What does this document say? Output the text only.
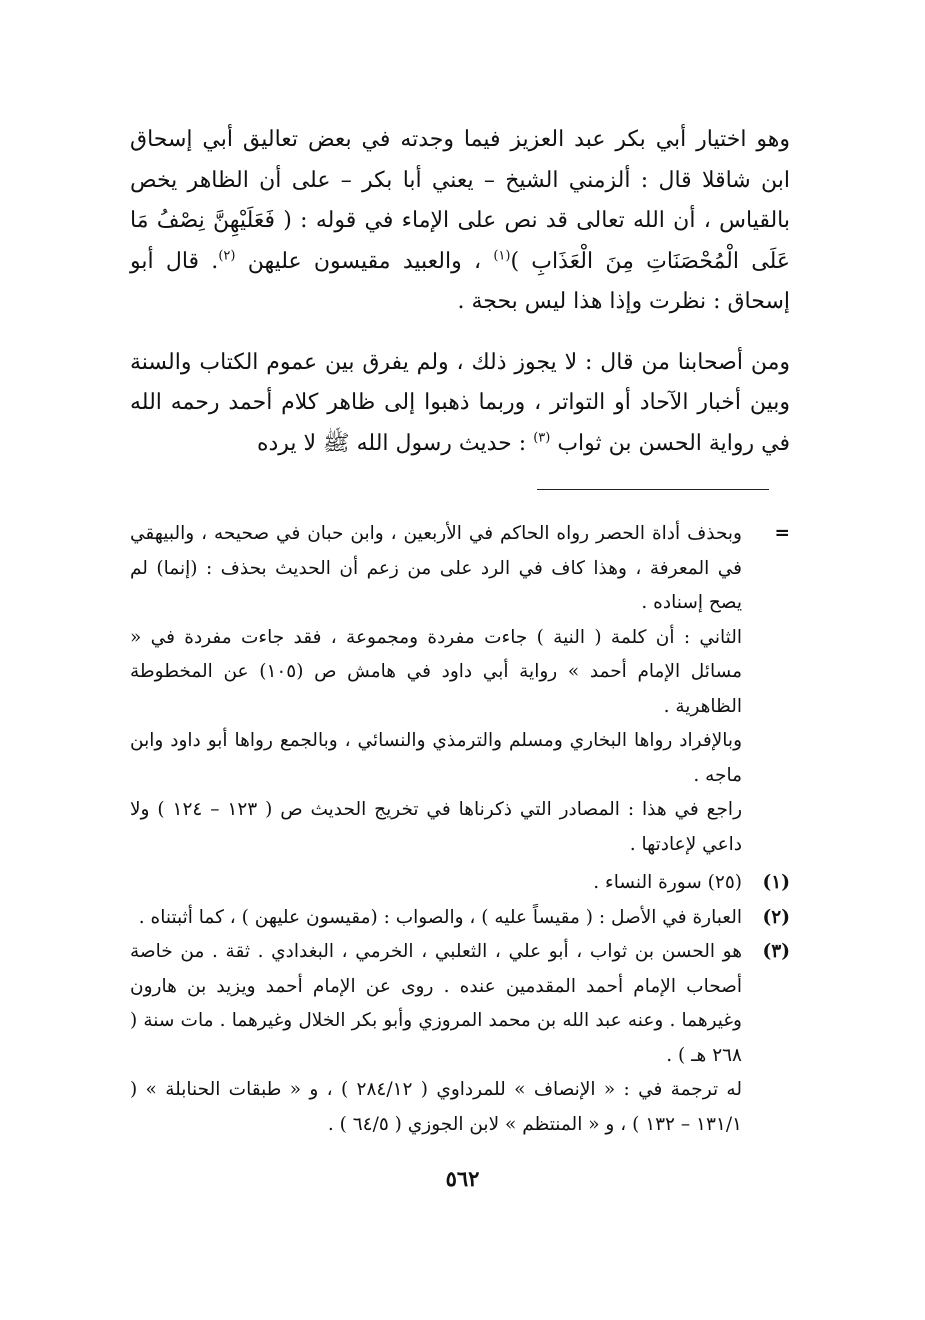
وهو اختيار أبي بكر عبد العزيز فيما وجدته في بعض تعاليق أبي إسحاق ابن شاقلا قال : ألزمني الشيخ – يعني أبا بكر – على أن الظاهر يخص بالقياس ، أن الله تعالى قد نص على الإماء في قوله : ( فَعَلَيْهِنَّ نِصْفُ مَا عَلَى الْمُحْصَنَاتِ مِنَ الْعَذَابِ )$^{(١)}$ ، والعبيد مقيسون عليهن $^{(٢)}$. قال أبو إسحاق : نظرت وإذا هذا ليس بحجة .

ومن أصحابنا من قال : لا يجوز ذلك ، ولم يفرق بين عموم الكتاب والسنة وبين أخبار الآحاد أو التواتر ، وربما ذهبوا إلى ظاهر كلام أحمد رحمه الله في رواية الحسن بن ثواب $^{(٣)}$ : حديث رسول الله ﷺ لا يرده

=
وبحذف أداة الحصر رواه الحاكم في الأربعين ، وابن حبان في صحيحه ، والبيهقي في المعرفة ، وهذا كاف في الرد على من زعم أن الحديث بحذف : (إنما) لم يصح إسناده .
الثاني : أن كلمة ( النية ) جاءت مفردة ومجموعة ، فقد جاءت مفردة في « مسائل الإمام أحمد » رواية أبي داود في هامش ص (١٠٥) عن المخطوطة الظاهرية .
وبالإفراد رواها البخاري ومسلم والترمذي والنسائي ، وبالجمع رواها أبو داود وابن ماجه .
راجع في هذا : المصادر التي ذكرناها في تخريج الحديث ص ( ١٢٣ – ١٢٤ ) ولا داعي لإعادتها .
(١)
(٢٥) سورة النساء .
(٢)
العبارة في الأصل : ( مقيساً عليه ) ، والصواب : (مقيسون عليهن ) ، كما أثبتناه .
(٣)
هو الحسن بن ثواب ، أبو علي ، الثعلبي ، الخرمي ، البغدادي . ثقة . من خاصة أصحاب الإمام أحمد المقدمين عنده . روى عن الإمام أحمد ويزيد بن هارون وغيرهما . وعنه عبد الله بن محمد المروزي وأبو بكر الخلال وغيرهما . مات سنة ( ٢٦٨ هـ ) .
له ترجمة في : « الإنصاف » للمرداوي ( ٢٨٤/١٢ ) ، و « طبقات الحنابلة » ( ١٣١/١ – ١٣٢ ) ، و « المنتظم » لابن الجوزي ( ٦٤/٥ ) .
٥٦٢
